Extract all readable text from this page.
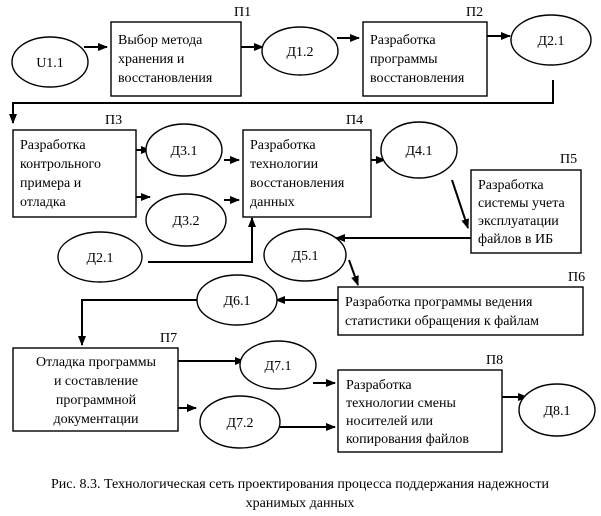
П1
Выбор метода
хранения и
восстановления
П2
Разработка
программы
восстановления
П3
Разработка
контрольного
примера и
отладка
П4
Разработка
технологии
восстановления
данных
П5
Разработка
системы учета
эксплуатации
файлов в ИБ
П6
Разработка программы ведения
статистики обращения к файлам
П7
Отладка программы
и составление
программной
документации
П8
Разработка
технологии смены
носителей или
копирования файлов
U1.1
Д1.2
Д2.1
Д3.1
Д3.2
Д2.1
Д4.1
Д5.1
Д6.1
Д7.1
Д7.2
Д8.1
Рис. 8.3. Технологическая сеть проектирования процесса поддержания надежности
хранимых данных
